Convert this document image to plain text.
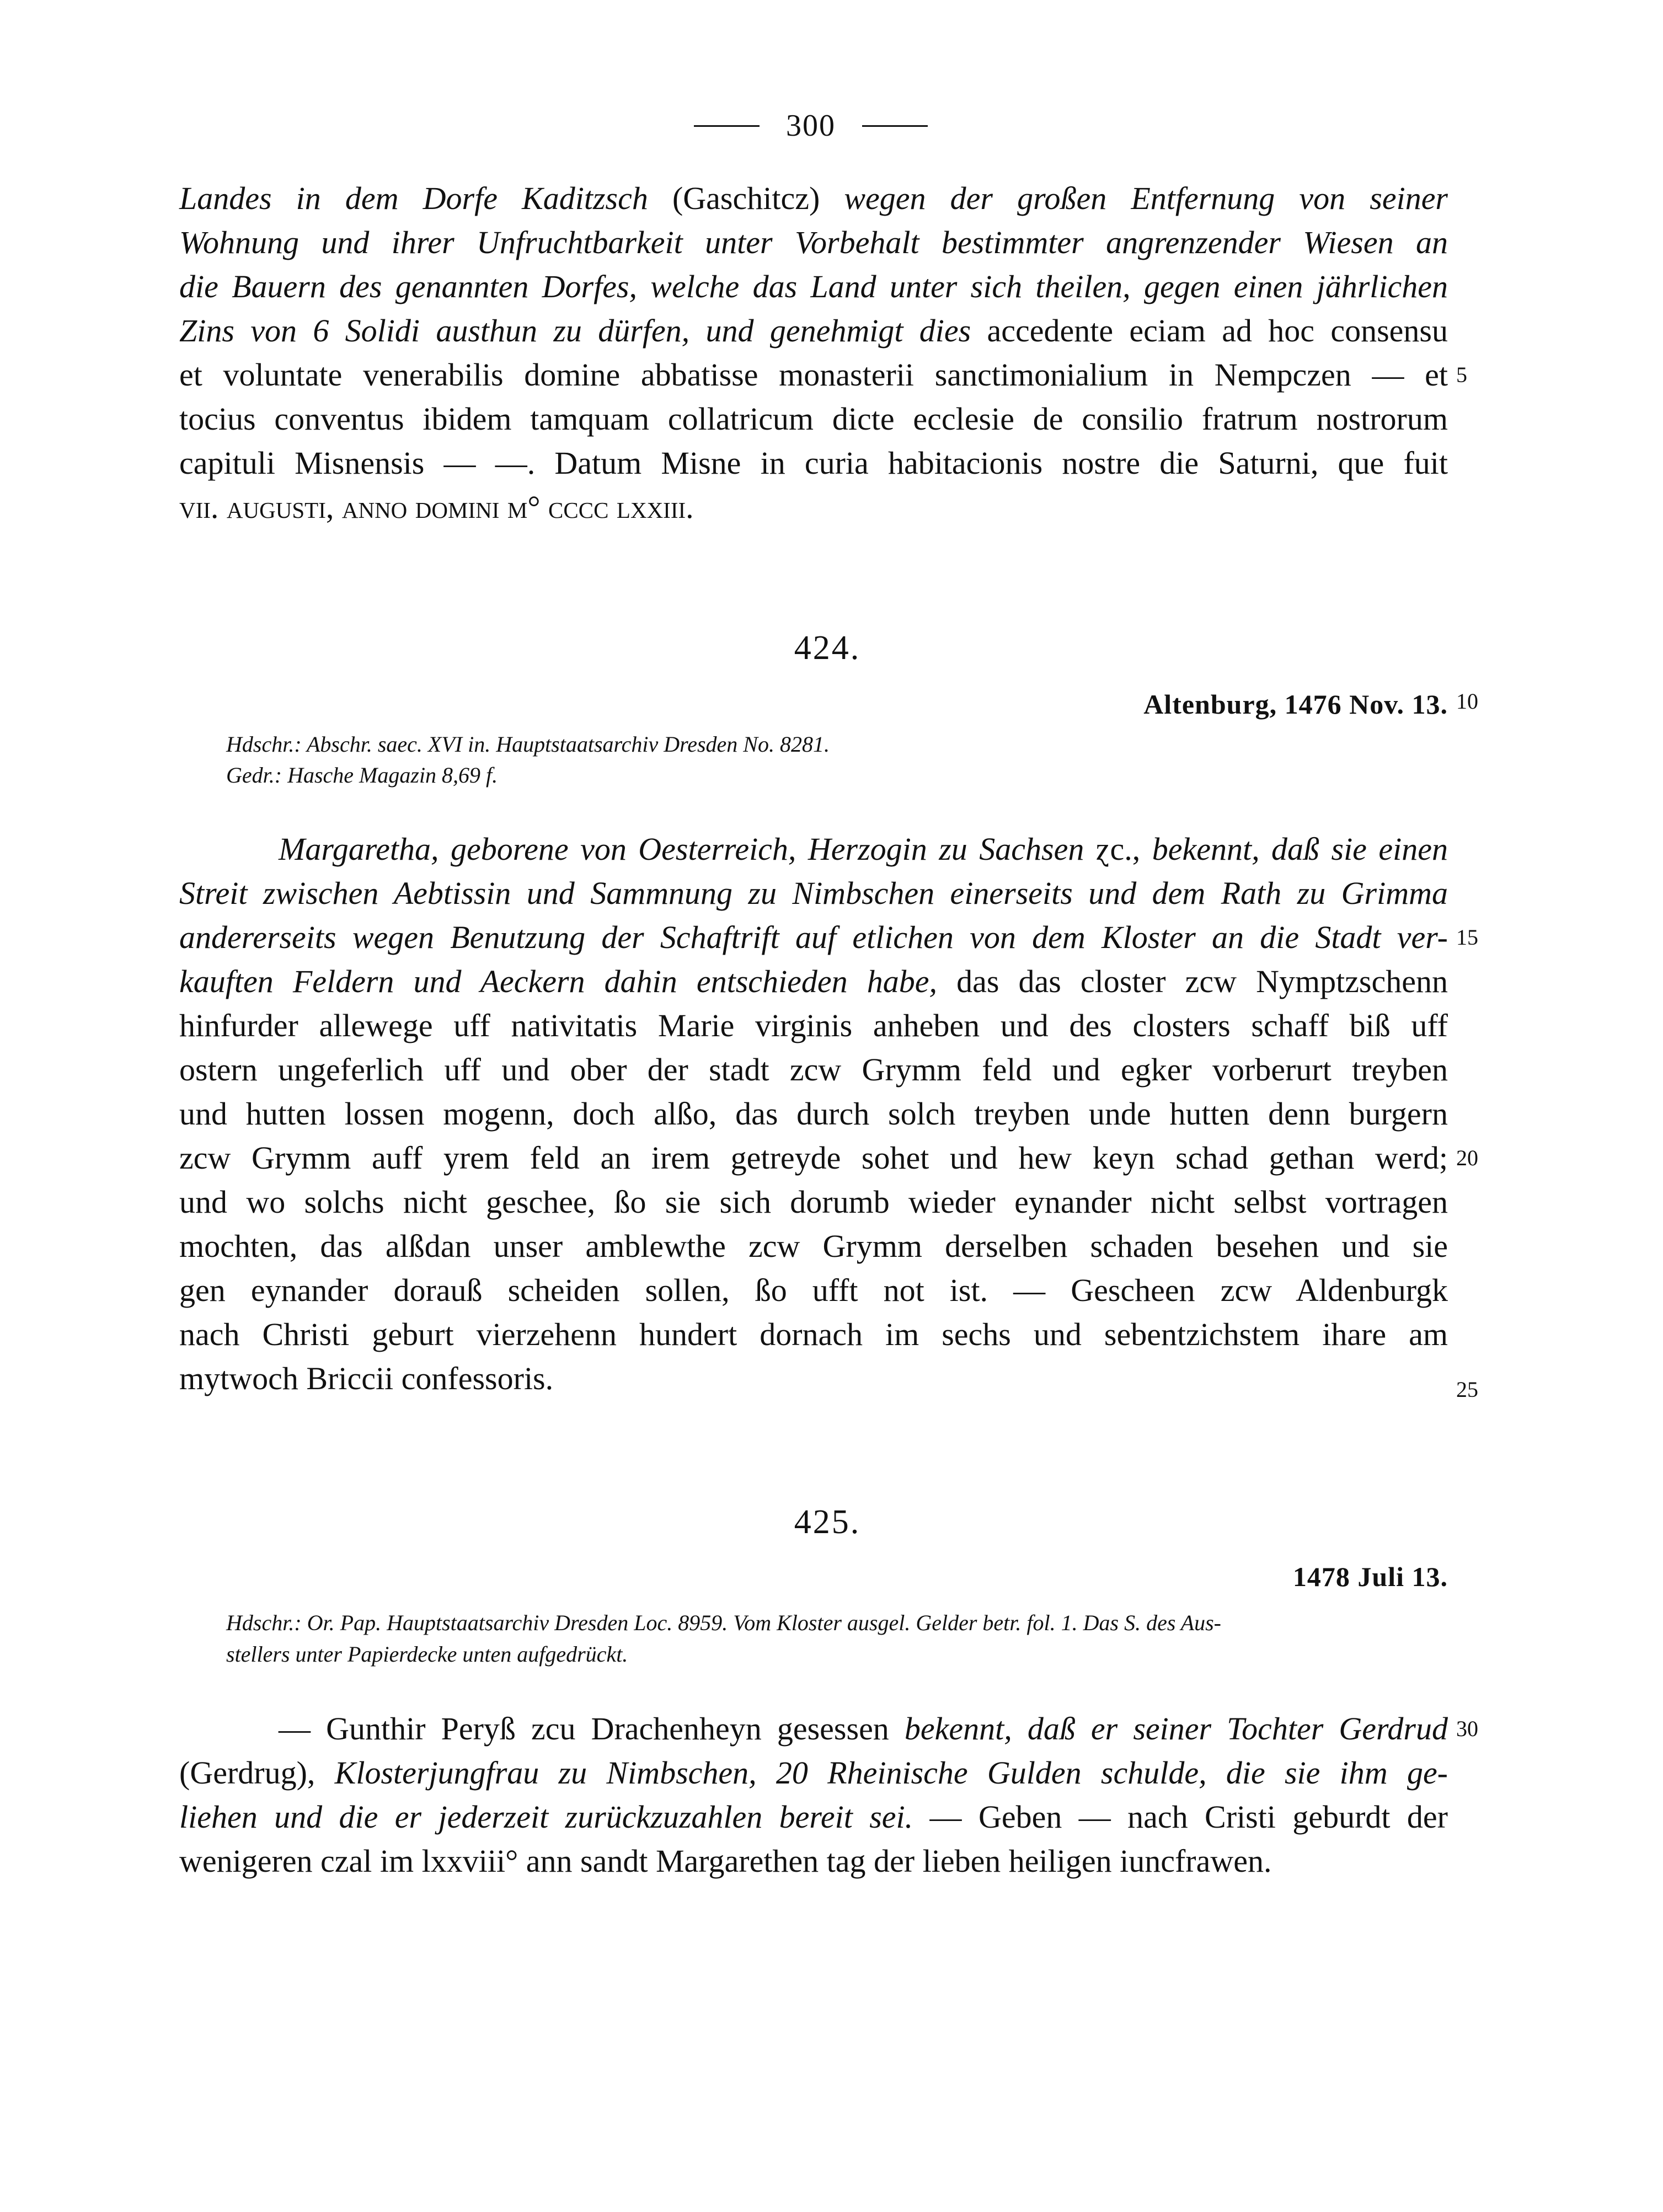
300
Landes in dem Dorfe Kaditzsch (Gaschitcz) wegen der großen Entfernung von seiner
Wohnung und ihrer Unfruchtbarkeit unter Vorbehalt bestimmter angrenzender Wiesen an
die Bauern des genannten Dorfes, welche das Land unter sich theilen, gegen einen jährlichen
Zins von 6 Solidi austhun zu dürfen, und genehmigt dies accedente eciam ad hoc consensu
et voluntate venerabilis domine abbatisse monasterii sanctimonialium in Nempczen — et
tocius conventus ibidem tamquam collatricum dicte ecclesie de consilio fratrum nostrorum
capituli Misnensis — —. Datum Misne in curia habitacionis nostre die Saturni, que fuit
vii. augusti, anno domini m° cccc lxxiii.
424.
Altenburg, 1476 Nov. 13.
Hdschr.: Abschr. saec. XVI in. Hauptstaatsarchiv Dresden No. 8281.
Gedr.: Hasche Magazin 8,69 f.
Margaretha, geborene von Oesterreich, Herzogin zu Sachsen ɀc., bekennt, daß sie einen
Streit zwischen Aebtissin und Sammnung zu Nimbschen einerseits und dem Rath zu Grimma
andererseits wegen Benutzung der Schaftrift auf etlichen von dem Kloster an die Stadt ver-
kauften Feldern und Aeckern dahin entschieden habe, das das closter zcw Nymptzschenn
hinfurder allewege uff nativitatis Marie virginis anheben und des closters schaff biß uff
ostern ungeferlich uff und ober der stadt zcw Grymm feld und egker vorberurt treyben
und hutten lossen mogenn, doch alßo, das durch solch treyben unde hutten denn burgern
zcw Grymm auff yrem feld an irem getreyde sohet und hew keyn schad gethan werd;
und wo solchs nicht geschee, ßo sie sich dorumb wieder eynander nicht selbst vortragen
mochten, das alßdan unser amblewthe zcw Grymm derselben schaden besehen und sie
gen eynander dorauß scheiden sollen, ßo ufft not ist. — Gescheen zcw Aldenburgk
nach Christi geburt vierzehenn hundert dornach im sechs und sebentzichstem ihare am
mytwoch Briccii confessoris.
425.
1478 Juli 13.
Hdschr.: Or. Pap. Hauptstaatsarchiv Dresden Loc. 8959. Vom Kloster ausgel. Gelder betr. fol. 1. Das S. des Aus-
stellers unter Papierdecke unten aufgedrückt.
— Gunthir Peryß zcu Drachenheyn gesessen bekennt, daß er seiner Tochter Gerdrud
(Gerdrug), Klosterjungfrau zu Nimbschen, 20 Rheinische Gulden schulde, die sie ihm ge-
liehen und die er jederzeit zurückzuzahlen bereit sei. — Geben — nach Cristi geburdt der
wenigeren czal im lxxviii° ann sandt Margarethen tag der lieben heiligen iuncfrawen.
5
10
15
20
25
30
